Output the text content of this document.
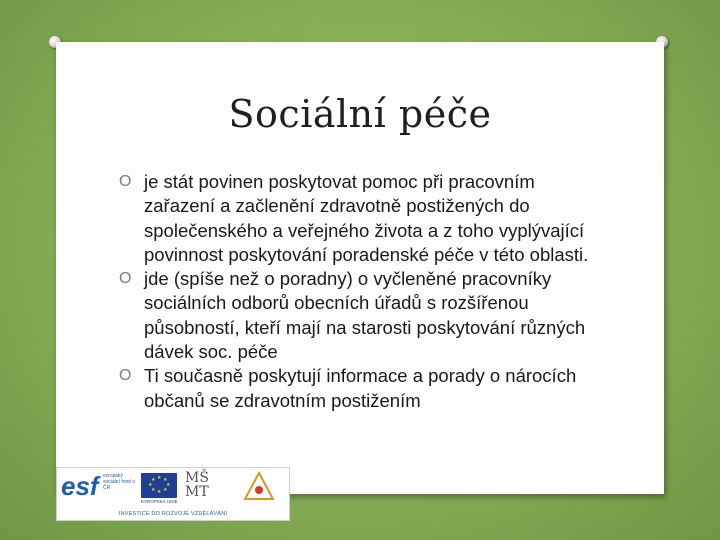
Sociální péče
O je stát povinen poskytovat pomoc při pracovním zařazení a začlenění zdravotně postižených do společenského a veřejného života a z toho vyplývající povinnost poskytování poradenské péče v této oblasti.
O jde (spíše než o poradny) o vyčleněné pracovníky sociálních odborů obecních úřadů s rozšířenou působností, kteří mají na starosti poskytování různých dávek soc. péče
O Ti současně poskytují informace a porady o nárocích občanů se zdravotním postižením
esf evropský sociální fond v ČR
★ ★
★
★
★
★
★
★
EVROPSKÁ UNIE
MŠ MT
INVESTICE DO ROZVOJE VZDĚLÁVÁNÍ
